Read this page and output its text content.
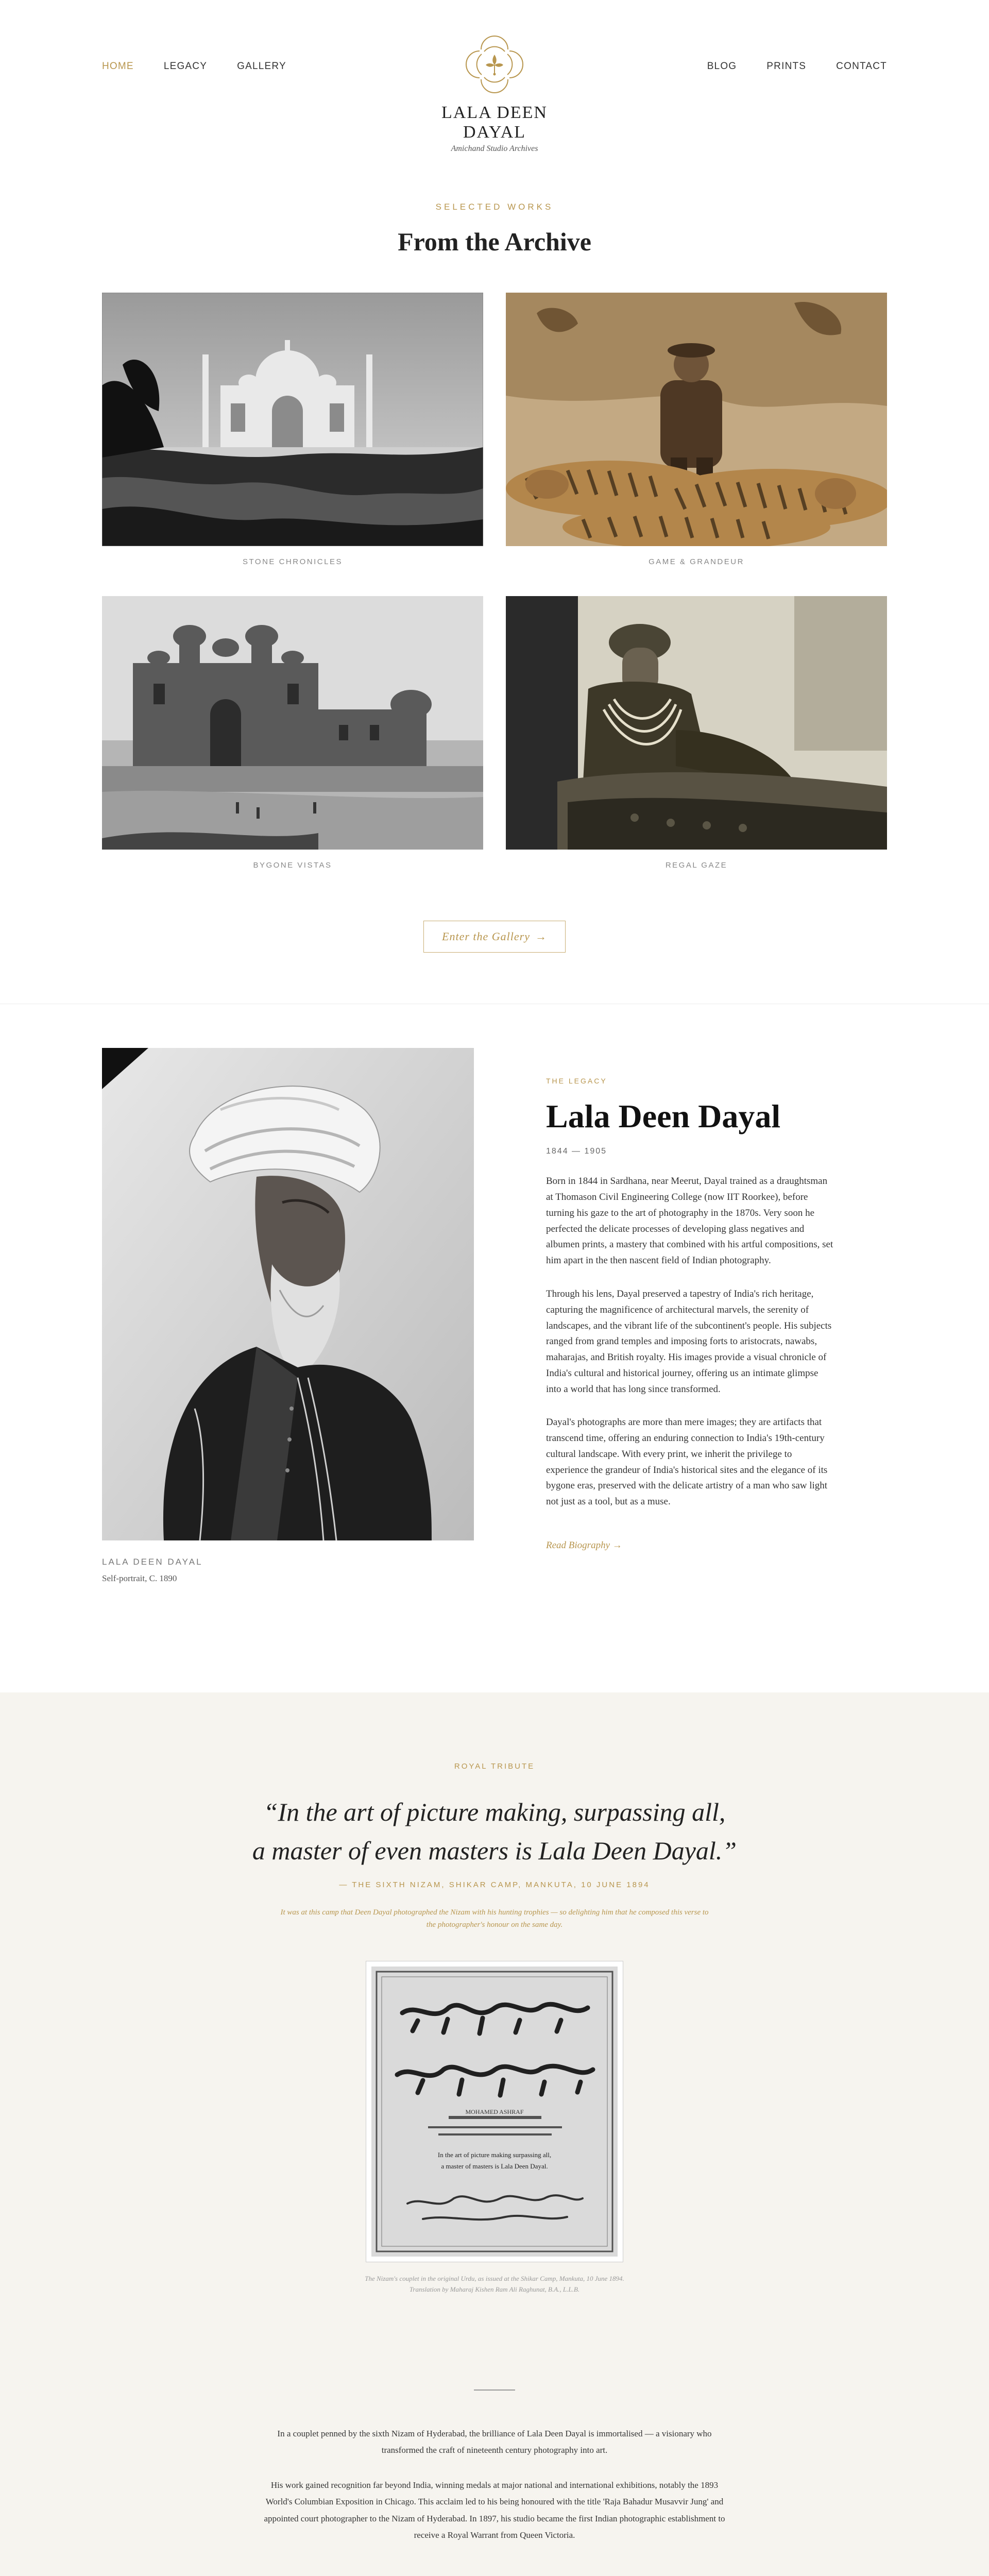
HOME	LEGACY	GALLERY
LALA DEEN DAYAL
Amichand Studio Archives
BLOG	PRINTS	CONTACT
SELECTED WORKS
From the Archive
STONE CHRONICLES	GAME & GRANDEUR
BYGONE VISTAS	REGAL GAZE
Enter the Gallery →
LALA DEEN DAYAL
Self-portrait, C. 1890
THE LEGACY
Lala Deen Dayal
1844 — 1905

Born in 1844 in Sardhana, near Meerut, Dayal trained as a draughtsman at Thomason Civil Engineering College (now IIT Roorkee), before turning his gaze to the art of photography in the 1870s. Very soon he perfected the delicate processes of developing glass negatives and albumen prints, a mastery that combined with his artful compositions, set him apart in the then nascent field of Indian photography.

Through his lens, Dayal preserved a tapestry of India's rich heritage, capturing the magnificence of architectural marvels, the serenity of landscapes, and the vibrant life of the subcontinent's people. His subjects ranged from grand temples and imposing forts to aristocrats, nawabs, maharajas, and British royalty. His images provide a visual chronicle of India's cultural and historical journey, offering us an intimate glimpse into a world that has long since transformed.

Dayal's photographs are more than mere images; they are artifacts that transcend time, offering an enduring connection to India's 19th-century cultural landscape. With every print, we inherit the privilege to experience the grandeur of India's historical sites and the elegance of its bygone eras, preserved with the delicate artistry of a man who saw light not just as a tool, but as a muse.

Read Biography →
ROYAL TRIBUTE
“In the art of picture making, surpassing all,
a master of even masters is Lala Deen Dayal.”
— THE SIXTH NIZAM, SHIKAR CAMP, MANKUTA, 10 JUNE 1894

It was at this camp that Deen Dayal photographed the Nizam with his hunting trophies — so delighting him that he composed this verse to the photographer's honour on the same day.

MOHAMED ASHRAF
In the art of picture making surpassing all,
a master of masters is Lala Deen Dayal.

The Nizam's couplet in the original Urdu, as issued at the Shikar Camp, Mankuta, 10 June 1894. Translation by Maharaj Kishen Ram Ali Raghunat, B.A., L.L.B.

In a couplet penned by the sixth Nizam of Hyderabad, the brilliance of Lala Deen Dayal is immortalised — a visionary who transformed the craft of nineteenth century photography into art.

His work gained recognition far beyond India, winning medals at major national and international exhibitions, notably the 1893 World's Columbian Exposition in Chicago. This acclaim led to his being honoured with the title 'Raja Bahadur Musavvir Jung' and appointed court photographer to the Nizam of Hyderabad. In 1897, his studio became the first Indian photographic establishment to receive a Royal Warrant from Queen Victoria.
